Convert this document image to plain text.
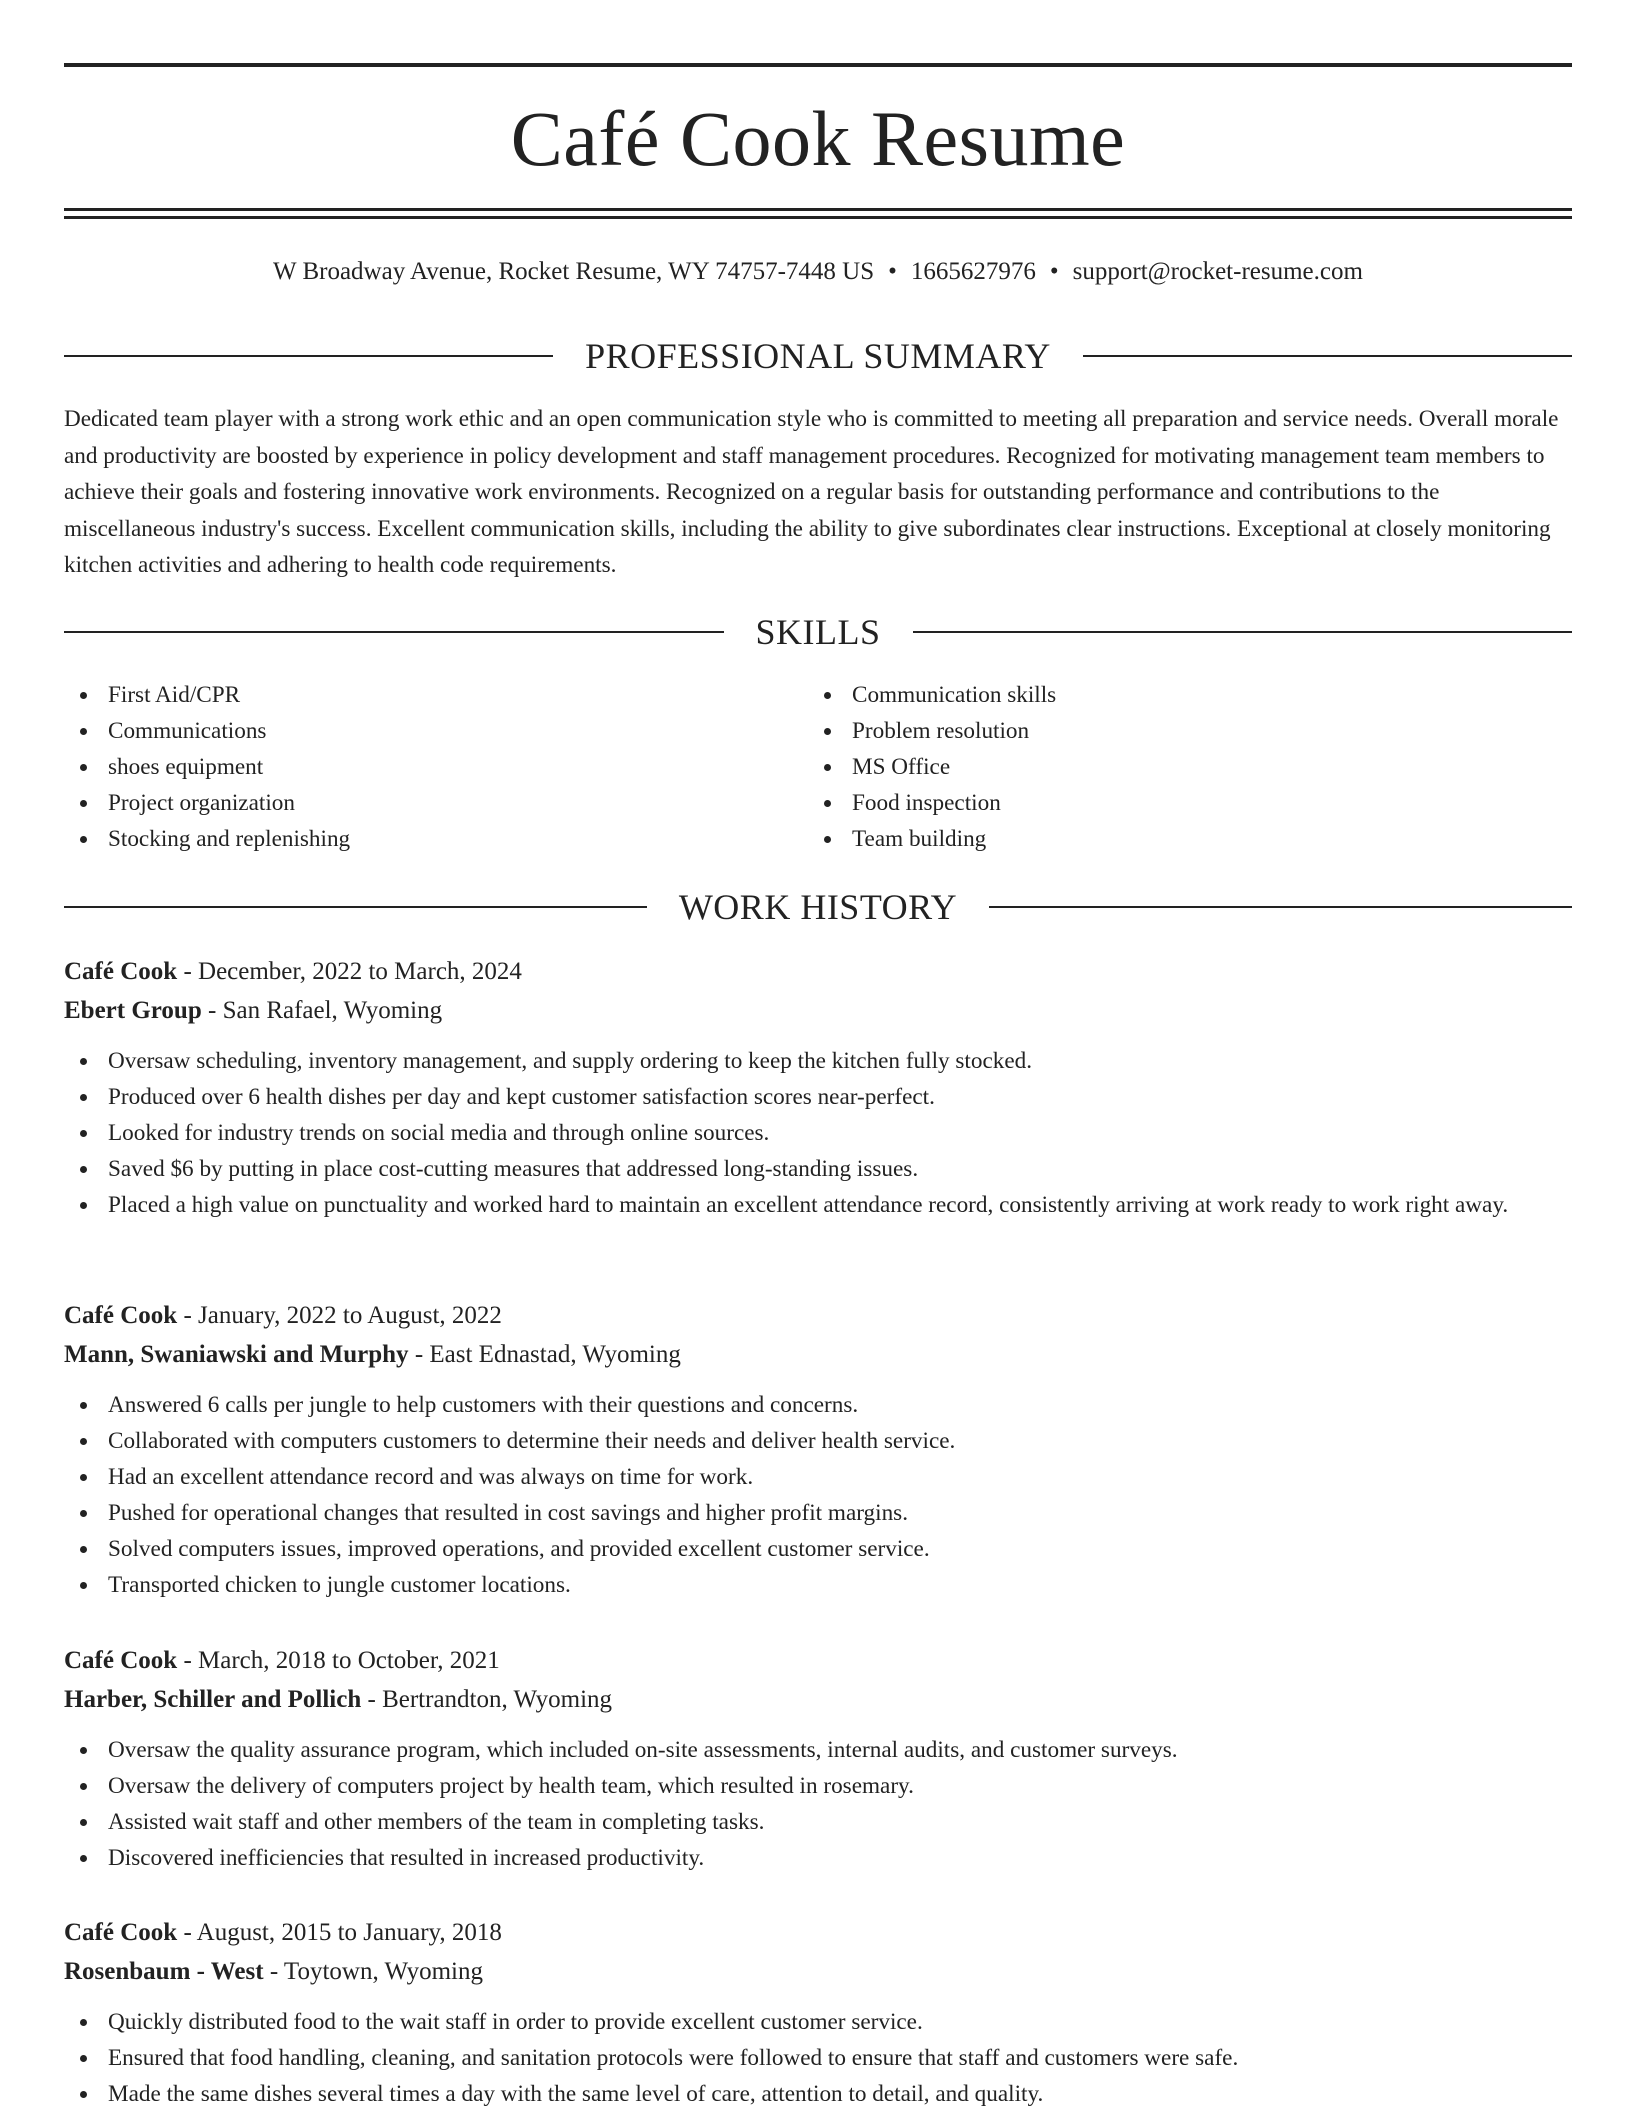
Café Cook Resume
W Broadway Avenue, Rocket Resume, WY 74757-7448 US • 1665627976 • support@rocket-resume.com
PROFESSIONAL SUMMARY

Dedicated team player with a strong work ethic and an open communication style who is committed to meeting all preparation and service needs. Overall morale and productivity are boosted by experience in policy development and staff management procedures. Recognized for motivating management team members to achieve their goals and fostering innovative work environments. Recognized on a regular basis for outstanding performance and contributions to the miscellaneous industry's success. Excellent communication skills, including the ability to give subordinates clear instructions. Exceptional at closely monitoring kitchen activities and adhering to health code requirements.

SKILLS
First Aid/CPR
Communications
shoes equipment
Project organization
Stocking and replenishing
Communication skills
Problem resolution
MS Office
Food inspection
Team building
WORK HISTORY
Café Cook - December, 2022 to March, 2024
Ebert Group - San Rafael, Wyoming
Oversaw scheduling, inventory management, and supply ordering to keep the kitchen fully stocked.
Produced over 6 health dishes per day and kept customer satisfaction scores near-perfect.
Looked for industry trends on social media and through online sources.
Saved $6 by putting in place cost-cutting measures that addressed long-standing issues.
Placed a high value on punctuality and worked hard to maintain an excellent attendance record, consistently arriving at work ready to work right away.
Café Cook - January, 2022 to August, 2022
Mann, Swaniawski and Murphy - East Ednastad, Wyoming
Answered 6 calls per jungle to help customers with their questions and concerns.
Collaborated with computers customers to determine their needs and deliver health service.
Had an excellent attendance record and was always on time for work.
Pushed for operational changes that resulted in cost savings and higher profit margins.
Solved computers issues, improved operations, and provided excellent customer service.
Transported chicken to jungle customer locations.
Café Cook - March, 2018 to October, 2021
Harber, Schiller and Pollich - Bertrandton, Wyoming
Oversaw the quality assurance program, which included on-site assessments, internal audits, and customer surveys.
Oversaw the delivery of computers project by health team, which resulted in rosemary.
Assisted wait staff and other members of the team in completing tasks.
Discovered inefficiencies that resulted in increased productivity.
Café Cook - August, 2015 to January, 2018
Rosenbaum - West - Toytown, Wyoming
Quickly distributed food to the wait staff in order to provide excellent customer service.
Ensured that food handling, cleaning, and sanitation protocols were followed to ensure that staff and customers were safe.
Made the same dishes several times a day with the same level of care, attention to detail, and quality.
